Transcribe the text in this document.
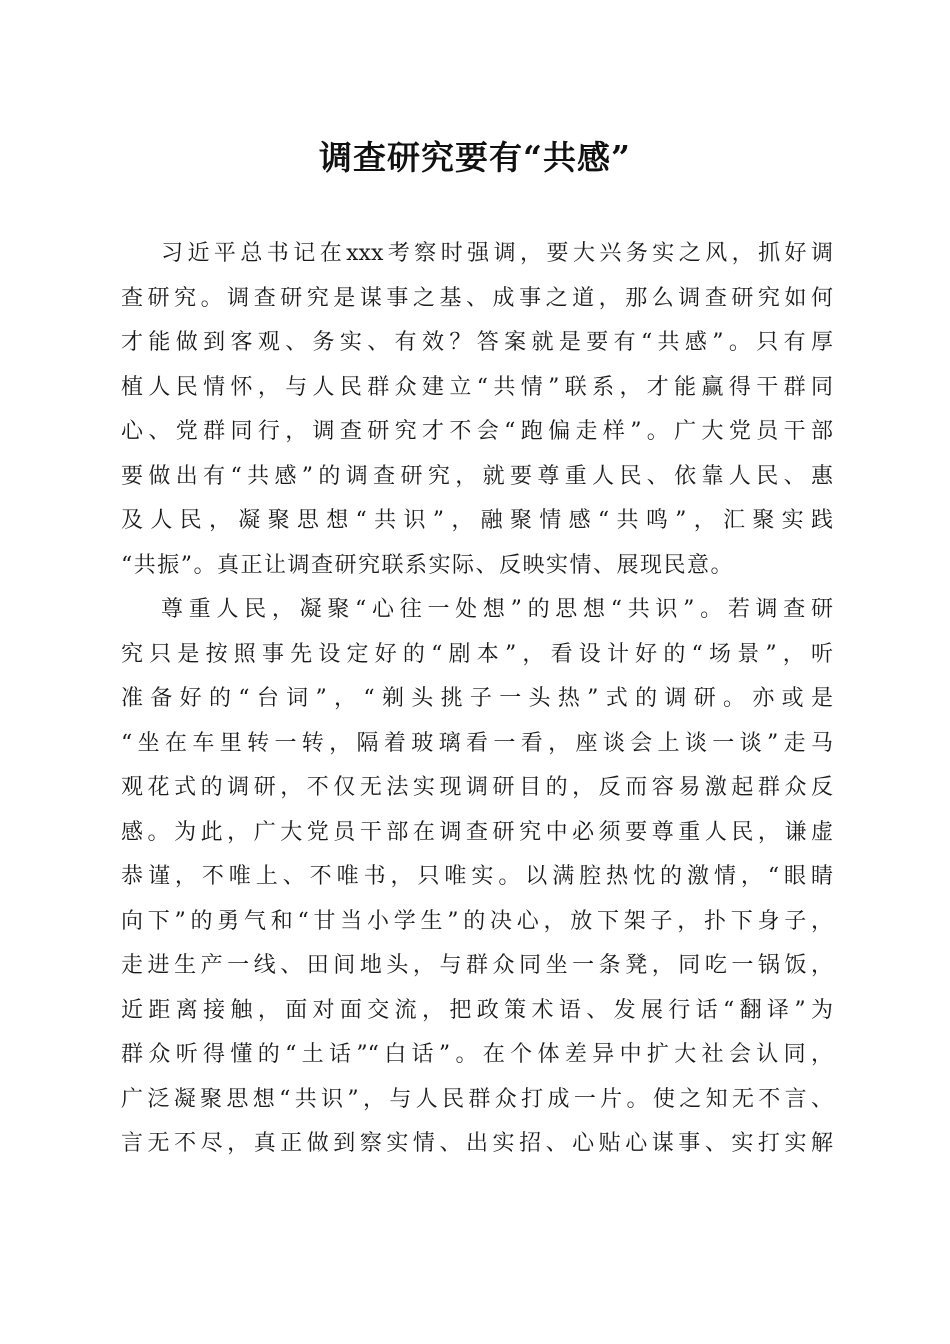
调查研究要有“共感”
习近平总书记在xxx考察时强调，要大兴务实之风，抓好调
查研究。调查研究是谋事之基、成事之道，那么调查研究如何
才能做到客观、务实、有效？答案就是要有“共感”。只有厚
植人民情怀，与人民群众建立“共情”联系，才能赢得干群同
心、党群同行，调查研究才不会“跑偏走样”。广大党员干部
要做出有“共感”的调查研究，就要尊重人民、依靠人民、惠
及人民，凝聚思想“共识”，融聚情感“共鸣”，汇聚实践
“共振”。真正让调查研究联系实际、反映实情、展现民意。
尊重人民，凝聚“心往一处想”的思想“共识”。若调查研
究只是按照事先设定好的“剧本”，看设计好的“场景”，听
准备好的“台词”，“剃头挑子一头热”式的调研。亦或是
“坐在车里转一转，隔着玻璃看一看，座谈会上谈一谈”走马
观花式的调研，不仅无法实现调研目的，反而容易激起群众反
感。为此，广大党员干部在调查研究中必须要尊重人民，谦虚
恭谨，不唯上、不唯书，只唯实。以满腔热忱的激情，“眼睛
向下”的勇气和“甘当小学生”的决心，放下架子，扑下身子，
走进生产一线、田间地头，与群众同坐一条凳，同吃一锅饭，
近距离接触，面对面交流，把政策术语、发展行话“翻译”为
群众听得懂的“土话”“白话”。在个体差异中扩大社会认同，
广泛凝聚思想“共识”，与人民群众打成一片。使之知无不言、
言无不尽，真正做到察实情、出实招、心贴心谋事、实打实解
